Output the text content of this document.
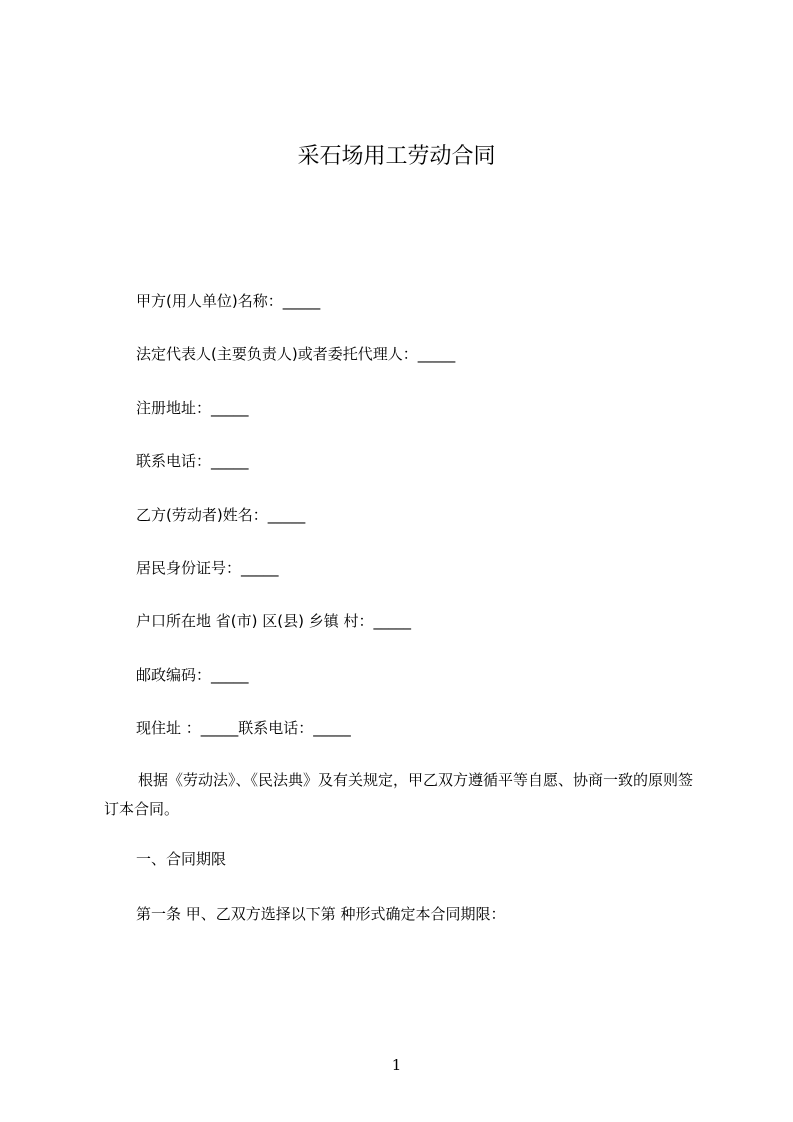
采石场用工劳动合同
甲方(用人单位)名称：_____
法定代表人(主要负责人)或者委托代理人：_____
注册地址：_____
联系电话：_____
乙方(劳动者)姓名：_____
居民身份证号：_____
户口所在地 省(市) 区(县) 乡镇 村：_____
邮政编码：_____
现住址 ：_____联系电话：_____
根据《劳动法》、《民法典》及有关规定，甲乙双方遵循平等自愿、协商一致的原则签订本合同。
一、合同期限
第一条 甲、乙双方选择以下第 种形式确定本合同期限：
1
